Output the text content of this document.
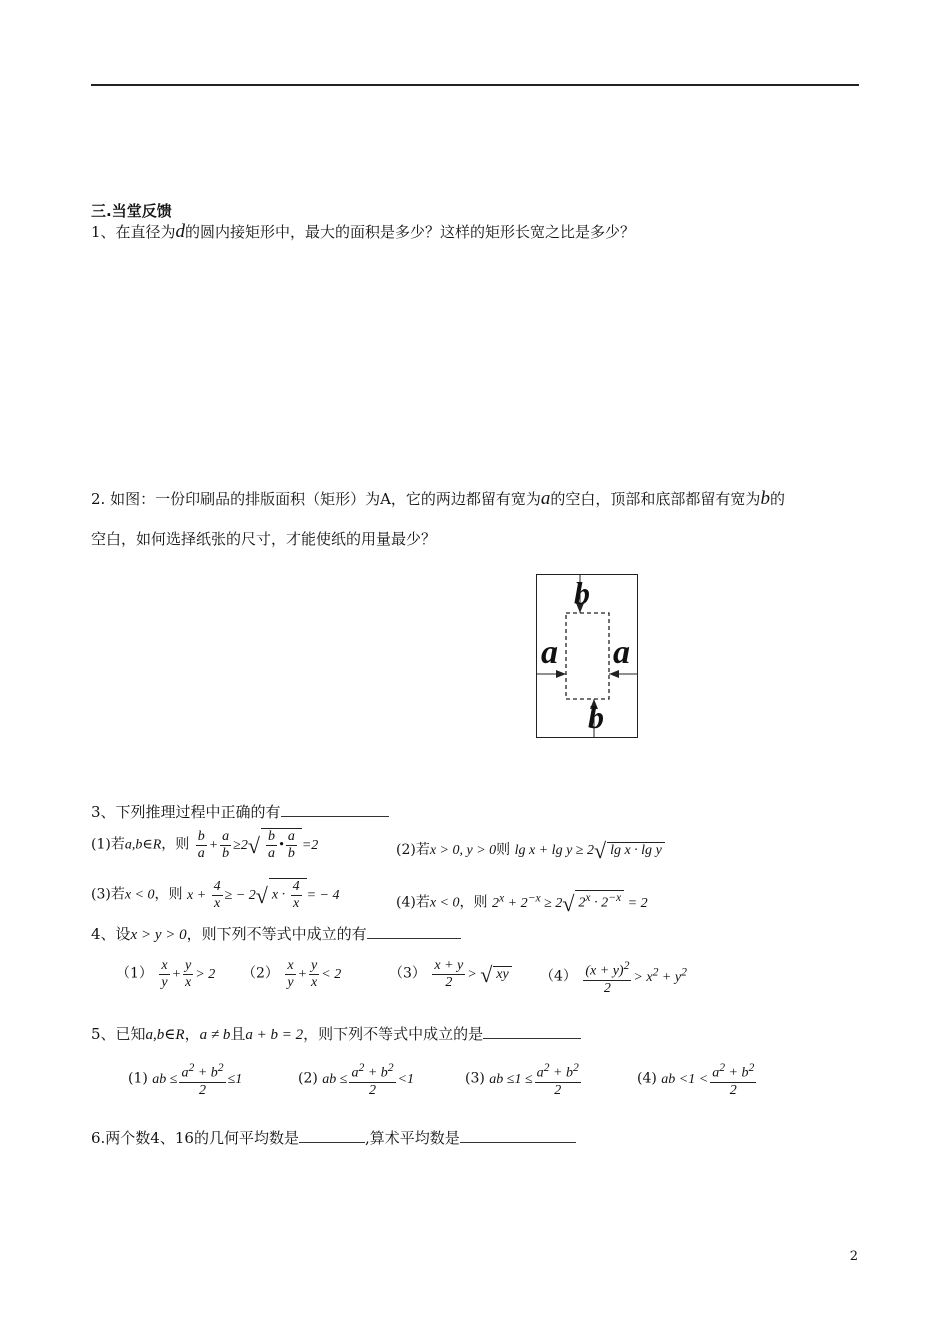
三.当堂反馈
1、在直径为d的圆内接矩形中，最大的面积是多少？这样的矩形长宽之比是多少？
2. 如图：一份印刷品的排版面积（矩形）为A，它的两边都留有宽为a的空白，顶部和底部都留有宽为b的
空白，如何选择纸张的尺寸，才能使纸的用量最少？
b
b
a a
3、下列推理过程中正确的有
(1)若a,b∈R，则 $\frac{b}{a} + \frac{a}{b} \ge 2√ \frac{b}{a}$ • $\frac{a}{b} =2$	(2)若x > 0, y > 0则 lg x + lg y ≥ 2√ lg x · lg y
(3)若x < 0，则 $x + \frac{4}{x}$ ≥ − 2√ $x \cdot \frac{4}{x}$ = − 4	(4)若x < 0，则 $2^x + 2^{-x} \ge 2√$ $2^x \cdot 2^{-x} = 2$
4、设x > y > 0，则下列不等式中成立的有
$(1) \frac{x}{y} + \frac{y}{x} > 2$ $(2) \frac{x}{y} + \frac{y}{x} < 2$	$(3) \frac{x + y}{2}$ > √ xy $(4) \frac{(x + y)^2}{2} > x^2 + y^2$
5、已知a,b∈R，a ≠ b且a + b = 2，则下列不等式中成立的是
(1) ab ≤ $\frac{a^2 + b^2}{2} \le 1$	(2) ab ≤ $\frac{a^2 + b^2}{2} <1$	(3) ab $\le 1 \le \frac{a^2 + b^2}{2}$	(4) ab $<1 < \frac{a^2 + b^2}{2}$
6.两个数4、16的几何平均数是	,算术平均数是
2
